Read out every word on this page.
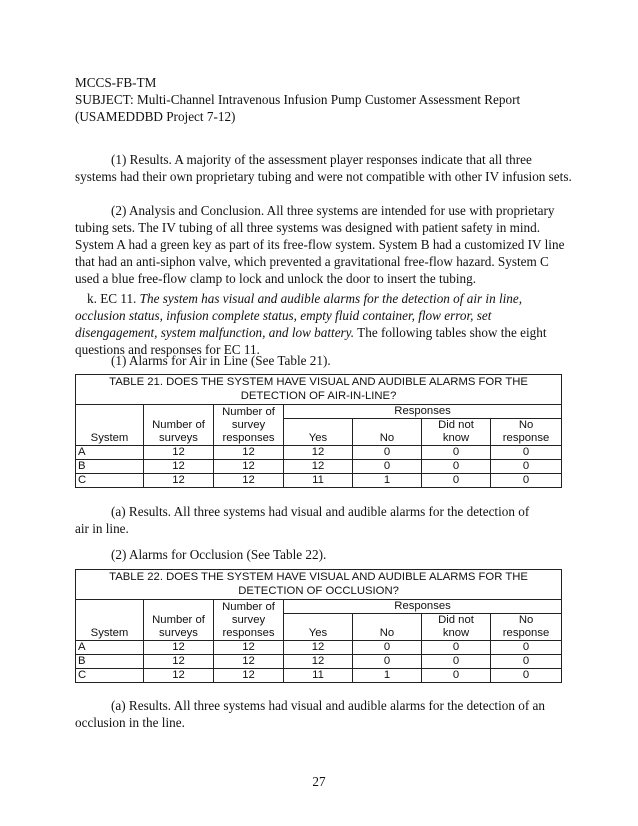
MCCS-FB-TM
SUBJECT: Multi-Channel Intravenous Infusion Pump Customer Assessment Report
(USAMEDDBD Project 7-12)

(1) Results. A majority of the assessment player responses indicate that all three systems had their own proprietary tubing and were not compatible with other IV infusion sets.

(2) Analysis and Conclusion. All three systems are intended for use with proprietary tubing sets. The IV tubing of all three systems was designed with patient safety in mind. System A had a green key as part of its free-flow system. System B had a customized IV line that had an anti-siphon valve, which prevented a gravitational free-flow hazard. System C used a blue free-flow clamp to lock and unlock the door to insert the tubing.

k. EC 11. The system has visual and audible alarms for the detection of air in line, occlusion status, infusion complete status, empty fluid container, flow error, set disengagement, system malfunction, and low battery. The following tables show the eight questions and responses for EC 11.

(1) Alarms for Air in Line (See Table 21).

TABLE 21. DOES THE SYSTEM HAVE VISUAL AND AUDIBLE ALARMS FOR THE
DETECTION OF AIR-IN-LINE?						

		Number of	Responses			
	Number of	survey			Did not	No
System	surveys	responses	Yes	No	know	response
A	12	12	12	0	0	0
B	12	12	12	0	0	0
C	12	12	11	1	0	0

(a) Results. All three systems had visual and audible alarms for the detection of
air in line.

(2) Alarms for Occlusion (See Table 22).

TABLE 22. DOES THE SYSTEM HAVE VISUAL AND AUDIBLE ALARMS FOR THE
DETECTION OF OCCLUSION?						

		Number of	Responses			
	Number of	survey			Did not	No
System	surveys	responses	Yes	No	know	response
A	12	12	12	0	0	0
B	12	12	12	0	0	0
C	12	12	11	1	0	0

(a) Results. All three systems had visual and audible alarms for the detection of an
occlusion in the line.

27
